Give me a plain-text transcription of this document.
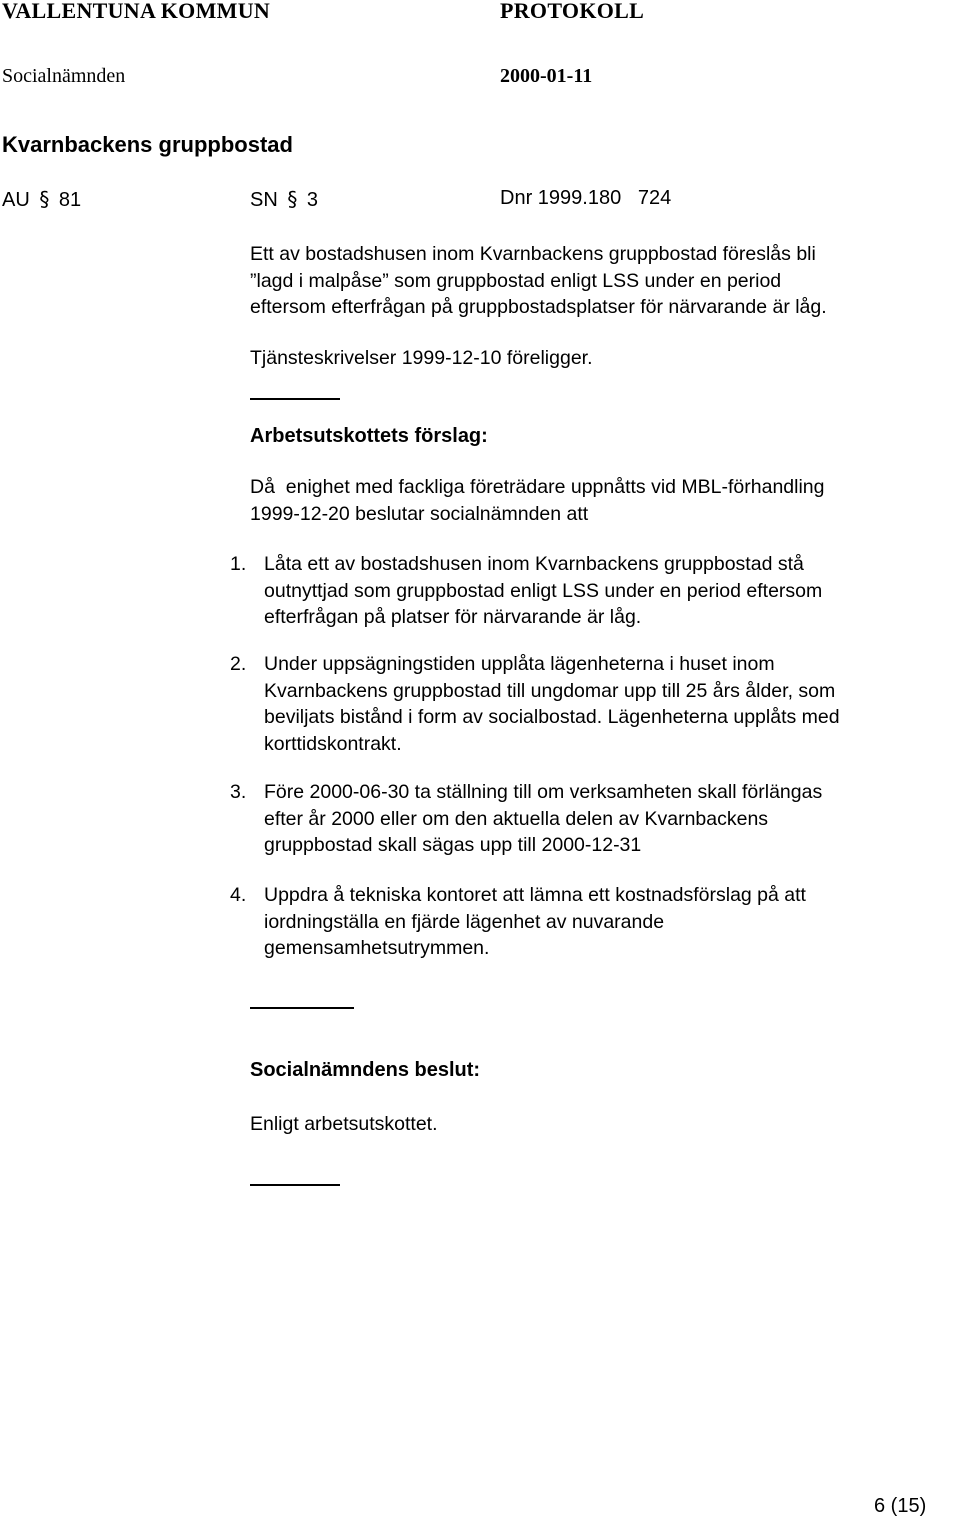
VALLENTUNA KOMMUN	PROTOKOLL
Socialnämnden	2000-01-11
Kvarnbackens gruppbostad
AU § 81	SN § 3	Dnr 1999.180   724
Ett av bostadshusen inom Kvarnbackens gruppbostad föreslås bli
”lagd i malpåse” som gruppbostad enligt LSS under en period
eftersom efterfrågan på gruppbostadsplatser för närvarande är låg.
Tjänsteskrivelser 1999-12-10 föreligger.
Arbetsutskottets förslag:
Då  enighet med fackliga företrädare uppnåtts vid MBL-förhandling
1999-12-20 beslutar socialnämnden att
1. Låta ett av bostadshusen inom Kvarnbackens gruppbostad stå
outnyttjad som gruppbostad enligt LSS under en period eftersom
efterfrågan på platser för närvarande är låg.
2. Under uppsägningstiden upplåta lägenheterna i huset inom
Kvarnbackens gruppbostad till ungdomar upp till 25 års ålder, som
beviljats bistånd i form av socialbostad. Lägenheterna upplåts med
korttidskontrakt.
3. Före 2000-06-30 ta ställning till om verksamheten skall förlängas
efter år 2000 eller om den aktuella delen av Kvarnbackens
gruppbostad skall sägas upp till 2000-12-31
4. Uppdra å tekniska kontoret att lämna ett kostnadsförslag på att
iordningställa en fjärde lägenhet av nuvarande
gemensamhetsutrymmen.
Socialnämndens beslut:
Enligt arbetsutskottet.
6 (15)
